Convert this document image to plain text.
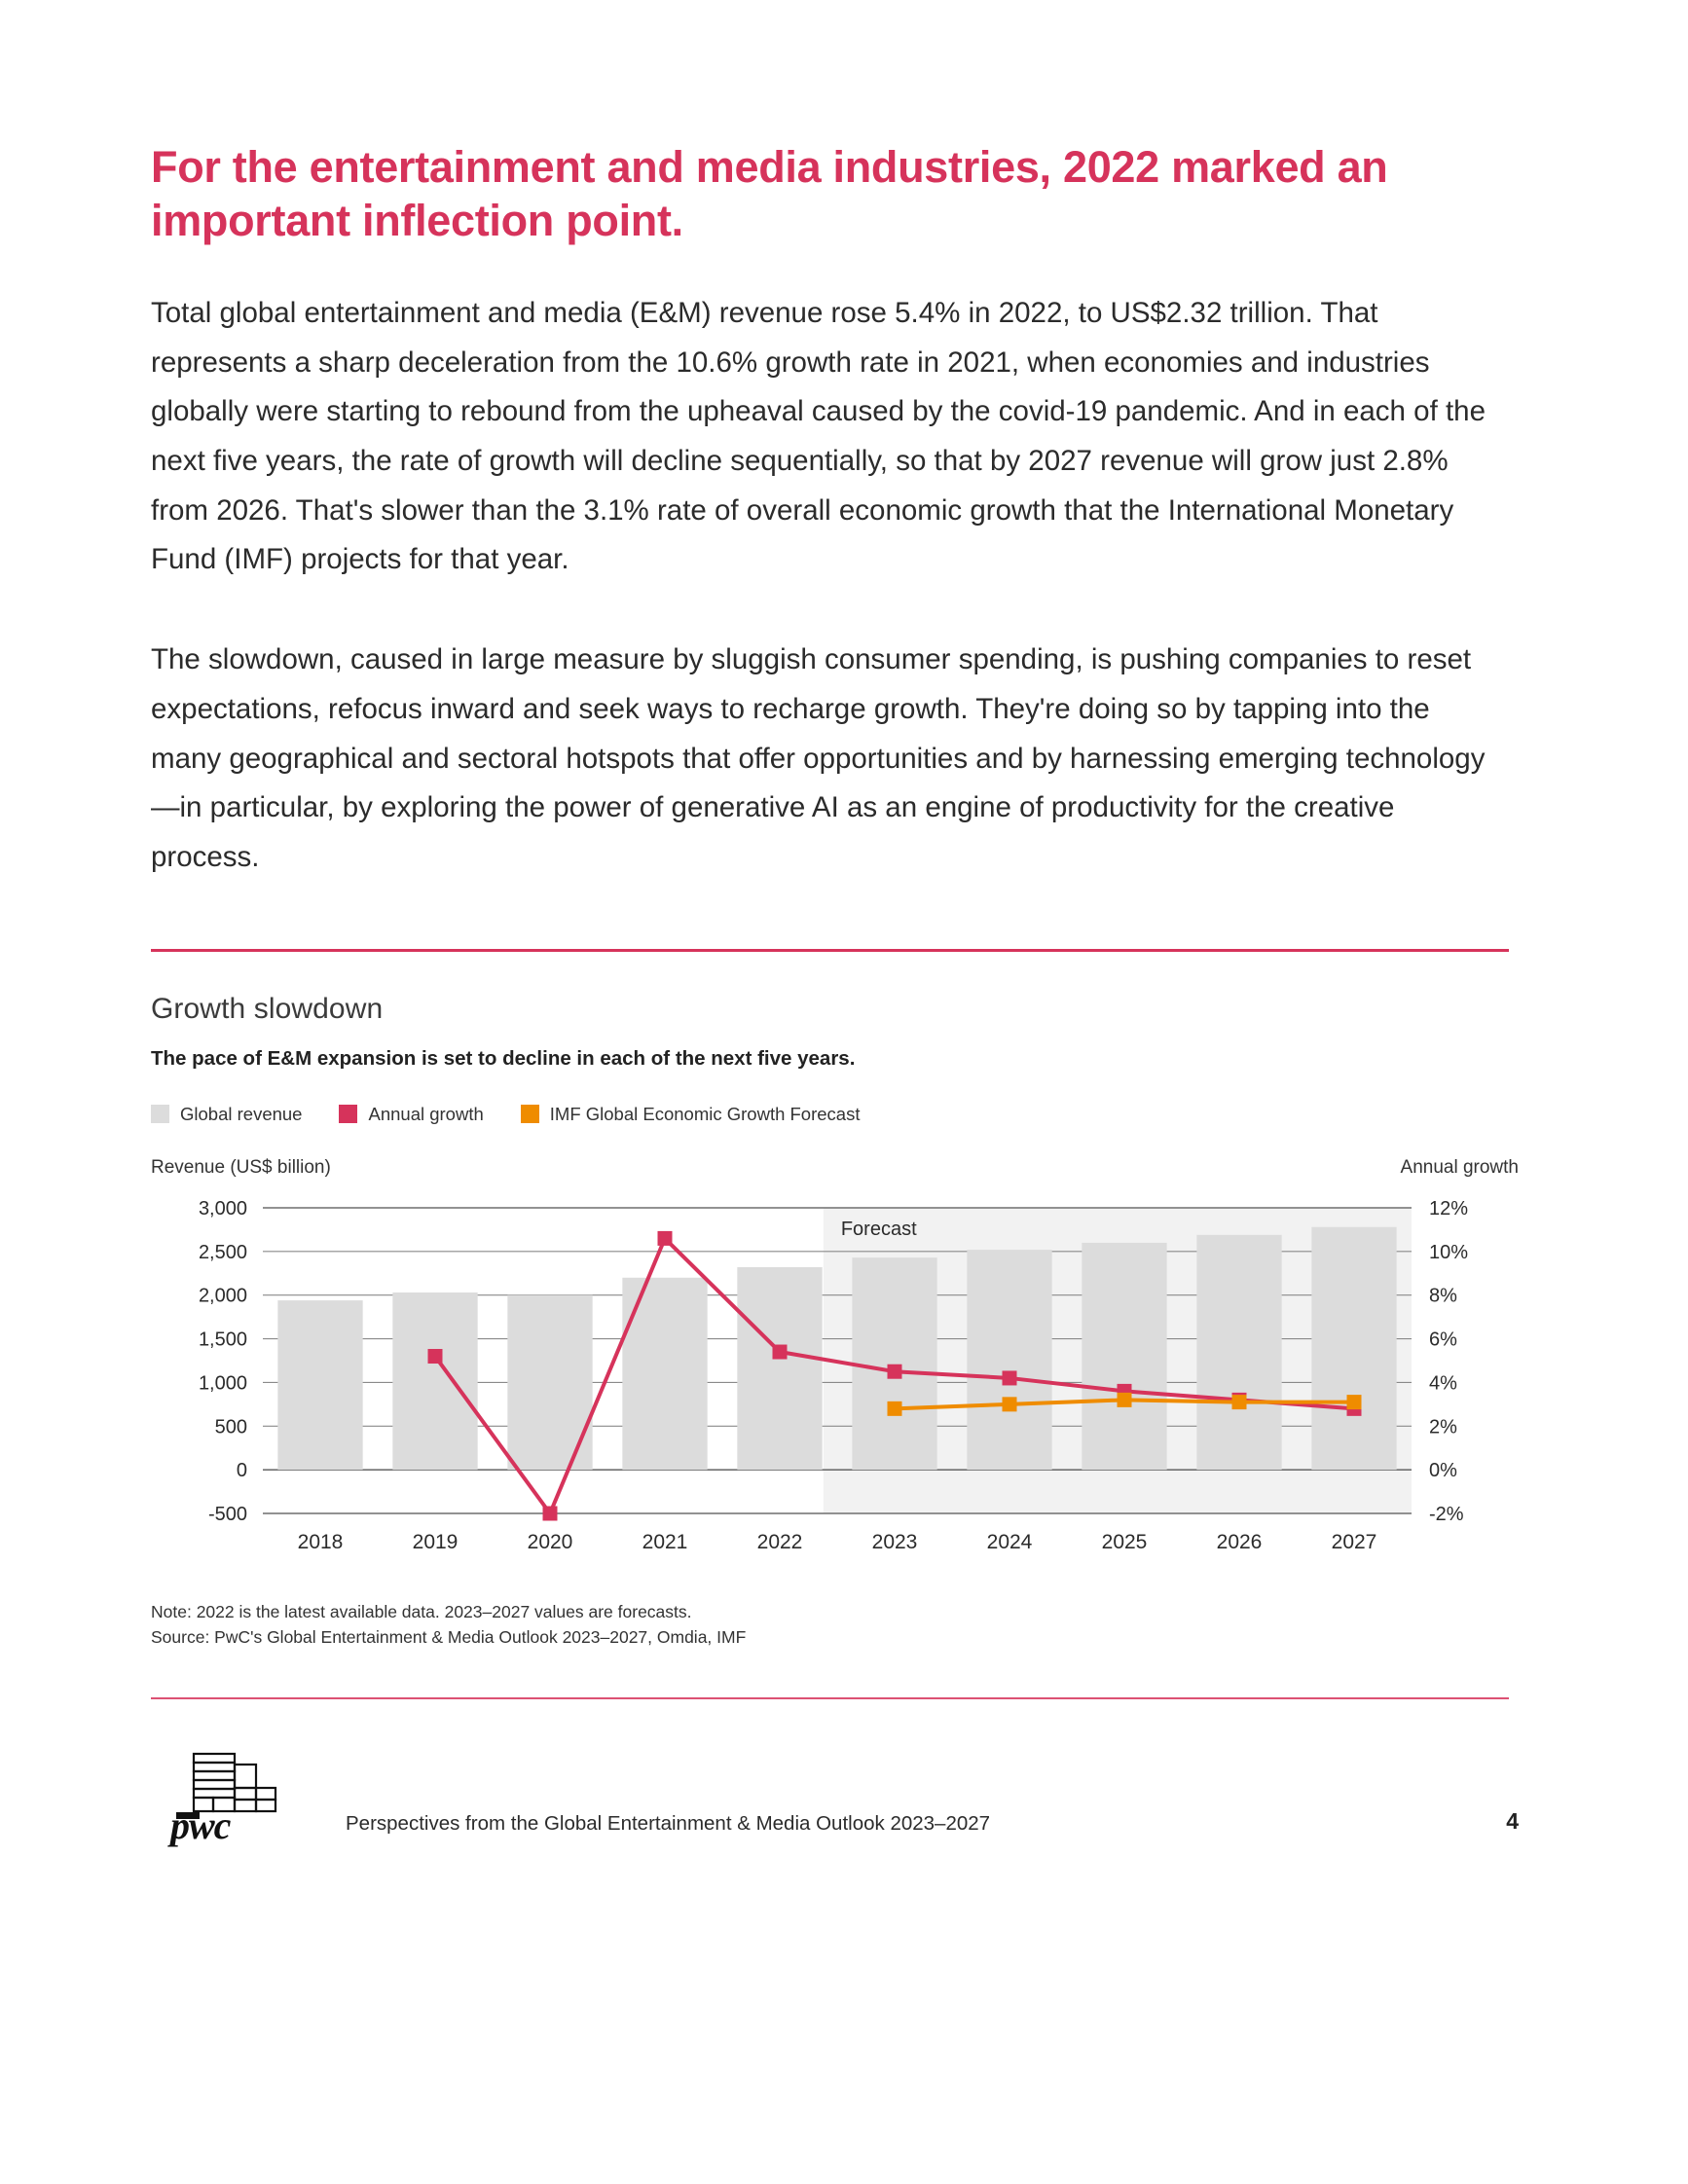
For the entertainment and media industries, 2022 marked an important inflection point.

Total global entertainment and media (E&M) revenue rose 5.4% in 2022, to US$2.32 trillion. That represents a sharp deceleration from the 10.6% growth rate in 2021, when economies and industries globally were starting to rebound from the upheaval caused by the covid-19 pandemic. And in each of the next five years, the rate of growth will decline sequentially, so that by 2027 revenue will grow just 2.8% from 2026. That's slower than the 3.1% rate of overall economic growth that the International Monetary Fund (IMF) projects for that year.

The slowdown, caused in large measure by sluggish consumer spending, is pushing companies to reset expectations, refocus inward and seek ways to recharge growth. They're doing so by tapping into the many geographical and sectoral hotspots that offer opportunities and by harnessing emerging technology—in particular, by exploring the power of generative AI as an engine of productivity for the creative process.

Growth slowdown

The pace of E&M expansion is set to decline in each of the next five years.

Global revenue	Annual growth	IMF Global Economic Growth Forecast
Revenue (US$ billion)	Annual growth
-500	-2%
0	0%
500	2%
1,000	4%
1,500	6%
2,000	8%
2,500	10%
3,000	12%
2018	2019	2020	2021	2022	2023	2024	2025	2026	2027
Forecast
Note: 2022 is the latest available data. 2023–2027 values are forecasts.
Source: PwC's Global Entertainment & Media Outlook 2023–2027, Omdia, IMF
pwc	Perspectives from the Global Entertainment & Media Outlook 2023–2027	4
